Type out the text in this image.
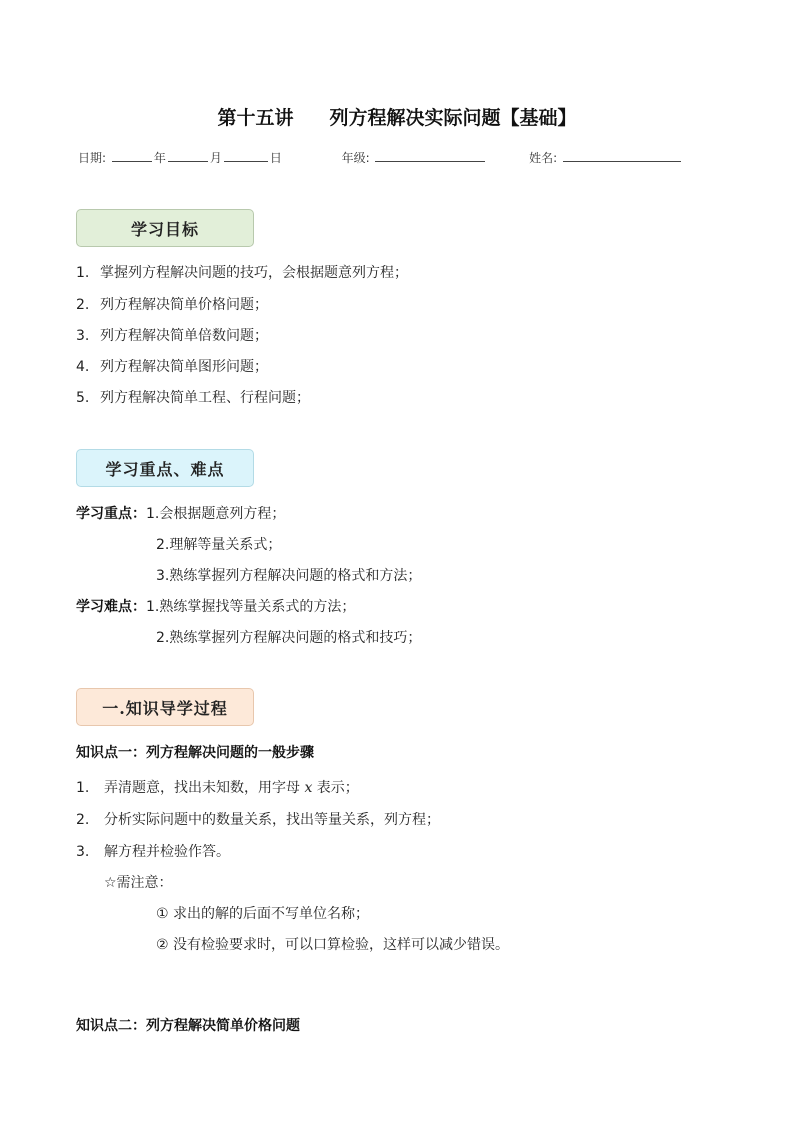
第十五讲 列方程解决实际问题【基础】
日期:	年	月	日	年级:	姓名:
学习目标
1. 掌握列方程解决问题的技巧，会根据题意列方程；
2. 列方程解决简单价格问题；
3. 列方程解决简单倍数问题；
4. 列方程解决简单图形问题；
5. 列方程解决简单工程、行程问题；
学习重点、难点
学习重点：1.会根据题意列方程；
2.理解等量关系式；
3.熟练掌握列方程解决问题的格式和方法；
学习难点：1.熟练掌握找等量关系式的方法；
2.熟练掌握列方程解决问题的格式和技巧；
一.知识导学过程
知识点一：列方程解决问题的一般步骤
1. 弄清题意，找出未知数，用字母 x 表示；
2. 分析实际问题中的数量关系，找出等量关系，列方程；
3. 解方程并检验作答。
☆需注意：
① 求出的解的后面不写单位名称；
② 没有检验要求时，可以口算检验，这样可以减少错误。
知识点二：列方程解决简单价格问题
